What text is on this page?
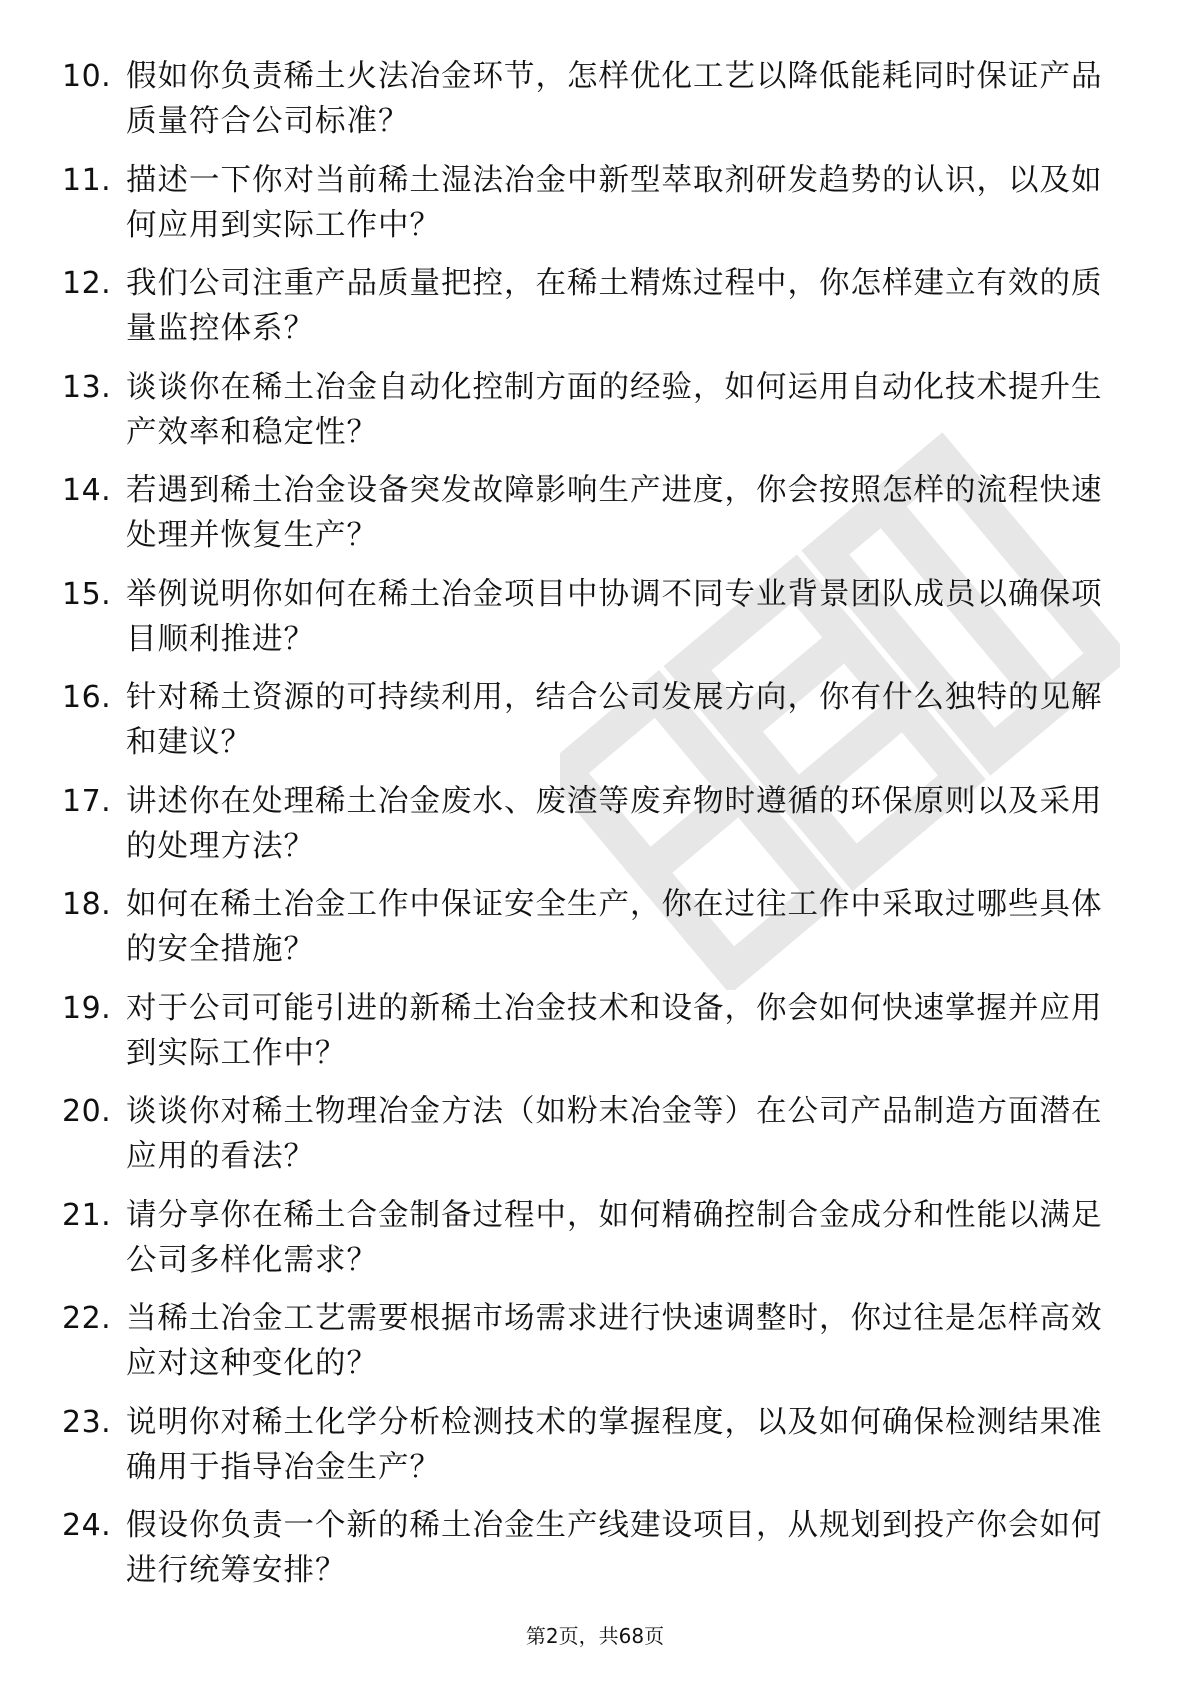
10. 假如你负责稀土火法冶金环节，怎样优化工艺以降低能耗同时保证产品质量符合公司标准？
11. 描述一下你对当前稀土湿法冶金中新型萃取剂研发趋势的认识，以及如何应用到实际工作中？
12. 我们公司注重产品质量把控，在稀土精炼过程中，你怎样建立有效的质量监控体系？
13. 谈谈你在稀土冶金自动化控制方面的经验，如何运用自动化技术提升生产效率和稳定性？
14. 若遇到稀土冶金设备突发故障影响生产进度，你会按照怎样的流程快速处理并恢复生产？
15. 举例说明你如何在稀土冶金项目中协调不同专业背景团队成员以确保项目顺利推进？
16. 针对稀土资源的可持续利用，结合公司发展方向，你有什么独特的见解和建议？
17. 讲述你在处理稀土冶金废水、废渣等废弃物时遵循的环保原则以及采用的处理方法？
18. 如何在稀土冶金工作中保证安全生产，你在过往工作中采取过哪些具体的安全措施？
19. 对于公司可能引进的新稀土冶金技术和设备，你会如何快速掌握并应用到实际工作中？
20. 谈谈你对稀土物理冶金方法（如粉末冶金等）在公司产品制造方面潜在应用的看法？
21. 请分享你在稀土合金制备过程中，如何精确控制合金成分和性能以满足公司多样化需求？
22. 当稀土冶金工艺需要根据市场需求进行快速调整时，你过往是怎样高效应对这种变化的？
23. 说明你对稀土化学分析检测技术的掌握程度，以及如何确保检测结果准确用于指导冶金生产？
24. 假设你负责一个新的稀土冶金生产线建设项目，从规划到投产你会如何进行统筹安排？
第2页，共68页
